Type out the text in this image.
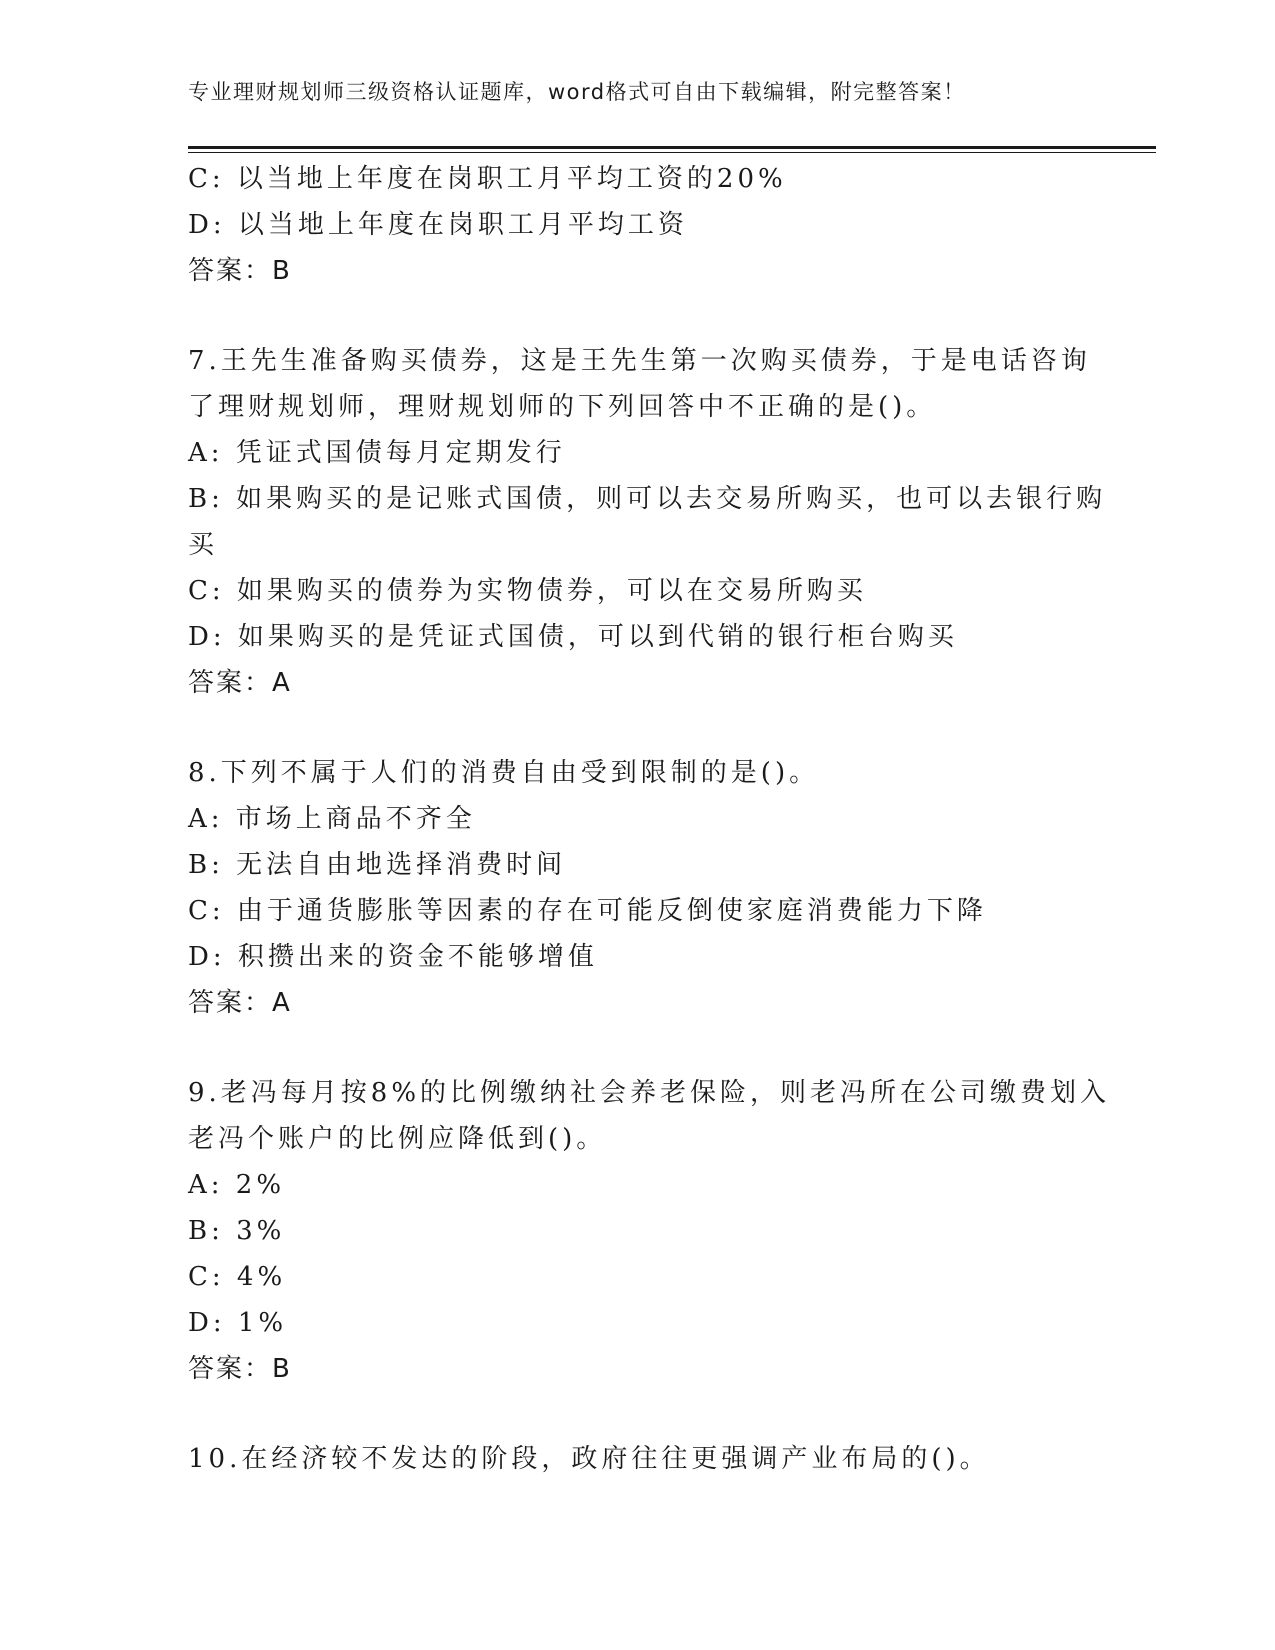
专业理财规划师三级资格认证题库，word格式可自由下载编辑，附完整答案！
C: 以当地上年度在岗职工月平均工资的20%
D: 以当地上年度在岗职工月平均工资
答案：B
7.王先生准备购买债券，这是王先生第一次购买债券，于是电话咨询
了理财规划师，理财规划师的下列回答中不正确的是()。
A: 凭证式国债每月定期发行
B: 如果购买的是记账式国债，则可以去交易所购买，也可以去银行购
买
C: 如果购买的债券为实物债券，可以在交易所购买
D: 如果购买的是凭证式国债，可以到代销的银行柜台购买
答案：A
8.下列不属于人们的消费自由受到限制的是()。
A: 市场上商品不齐全
B: 无法自由地选择消费时间
C: 由于通货膨胀等因素的存在可能反倒使家庭消费能力下降
D: 积攒出来的资金不能够增值
答案：A
9.老冯每月按8%的比例缴纳社会养老保险，则老冯所在公司缴费划入
老冯个账户的比例应降低到()。
A: 2%
B: 3%
C: 4%
D: 1%
答案：B
10.在经济较不发达的阶段，政府往往更强调产业布局的()。
